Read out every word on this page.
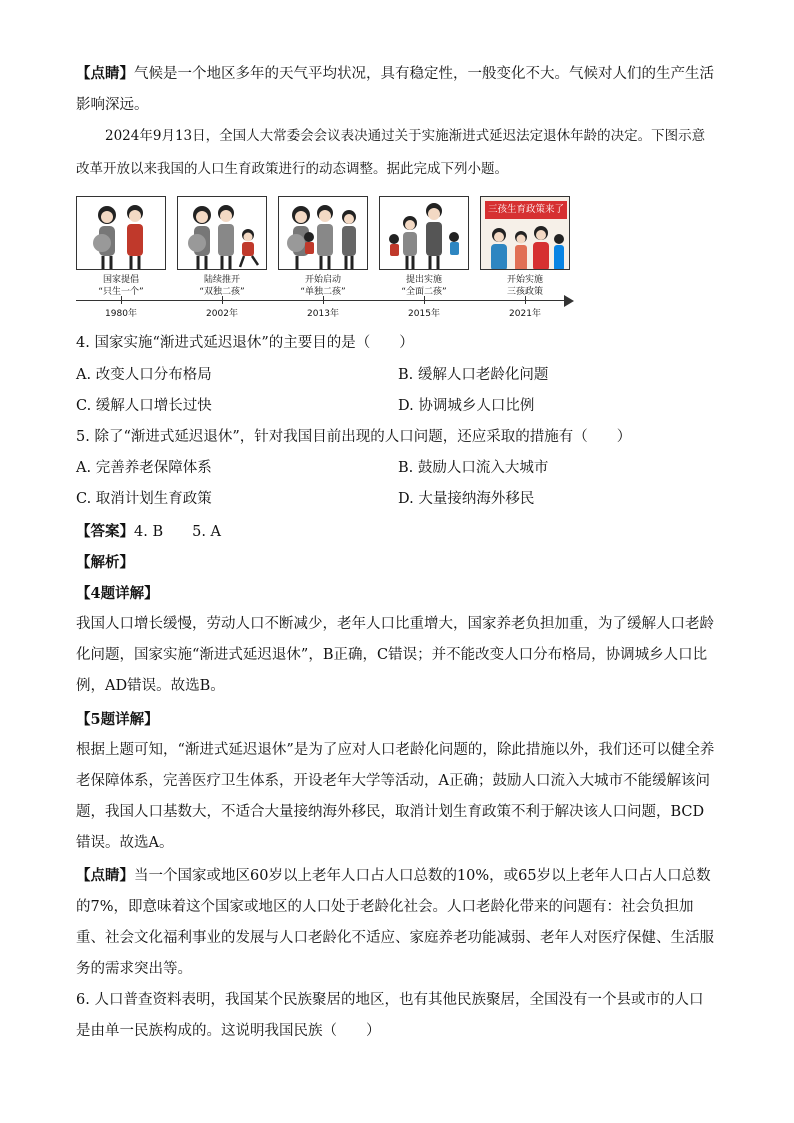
【点睛】气候是一个地区多年的天气平均状况，具有稳定性，一般变化不大。气候对人们的生产生活影响深远。
2024年9月13日，全国人大常委会会议表决通过关于实施渐进式延迟法定退休年龄的决定。下图示意改革开放以来我国的人口生育政策进行的动态调整。据此完成下列小题。
三孩生育政策来了
国家提倡
“只生一个”
陆续推开
“双独二孩”
开始启动
“单独二孩”
提出实施
“全面二孩”
开始实施
三孩政策
1980年	2002年	2013年	2015年	2021年
4. 国家实施“渐进式延迟退休”的主要目的是（　　）
A. 改变人口分布格局	B. 缓解人口老龄化问题
C. 缓解人口增长过快	D. 协调城乡人口比例
5. 除了“渐进式延迟退休”，针对我国目前出现的人口问题，还应采取的措施有（　　）
A. 完善养老保障体系	B. 鼓励人口流入大城市
C. 取消计划生育政策	D. 大量接纳海外移民
【答案】4. B　　5. A
【解析】
【4题详解】
我国人口增长缓慢，劳动人口不断减少，老年人口比重增大，国家养老负担加重，为了缓解人口老龄化问题，国家实施“渐进式延迟退休”，B正确，C错误；并不能改变人口分布格局，协调城乡人口比例，AD错误。故选B。
【5题详解】
根据上题可知，“渐进式延迟退休”是为了应对人口老龄化问题的，除此措施以外，我们还可以健全养老保障体系，完善医疗卫生体系，开设老年大学等活动，A正确；鼓励人口流入大城市不能缓解该问题，我国人口基数大，不适合大量接纳海外移民，取消计划生育政策不利于解决该人口问题，BCD错误。故选A。
【点睛】当一个国家或地区60岁以上老年人口占人口总数的10%，或65岁以上老年人口占人口总数的7%，即意味着这个国家或地区的人口处于老龄化社会。人口老龄化带来的问题有：社会负担加重、社会文化福利事业的发展与人口老龄化不适应、家庭养老功能减弱、老年人对医疗保健、生活服务的需求突出等。
6. 人口普查资料表明，我国某个民族聚居的地区，也有其他民族聚居，全国没有一个县或市的人口是由单一民族构成的。这说明我国民族（　　）
